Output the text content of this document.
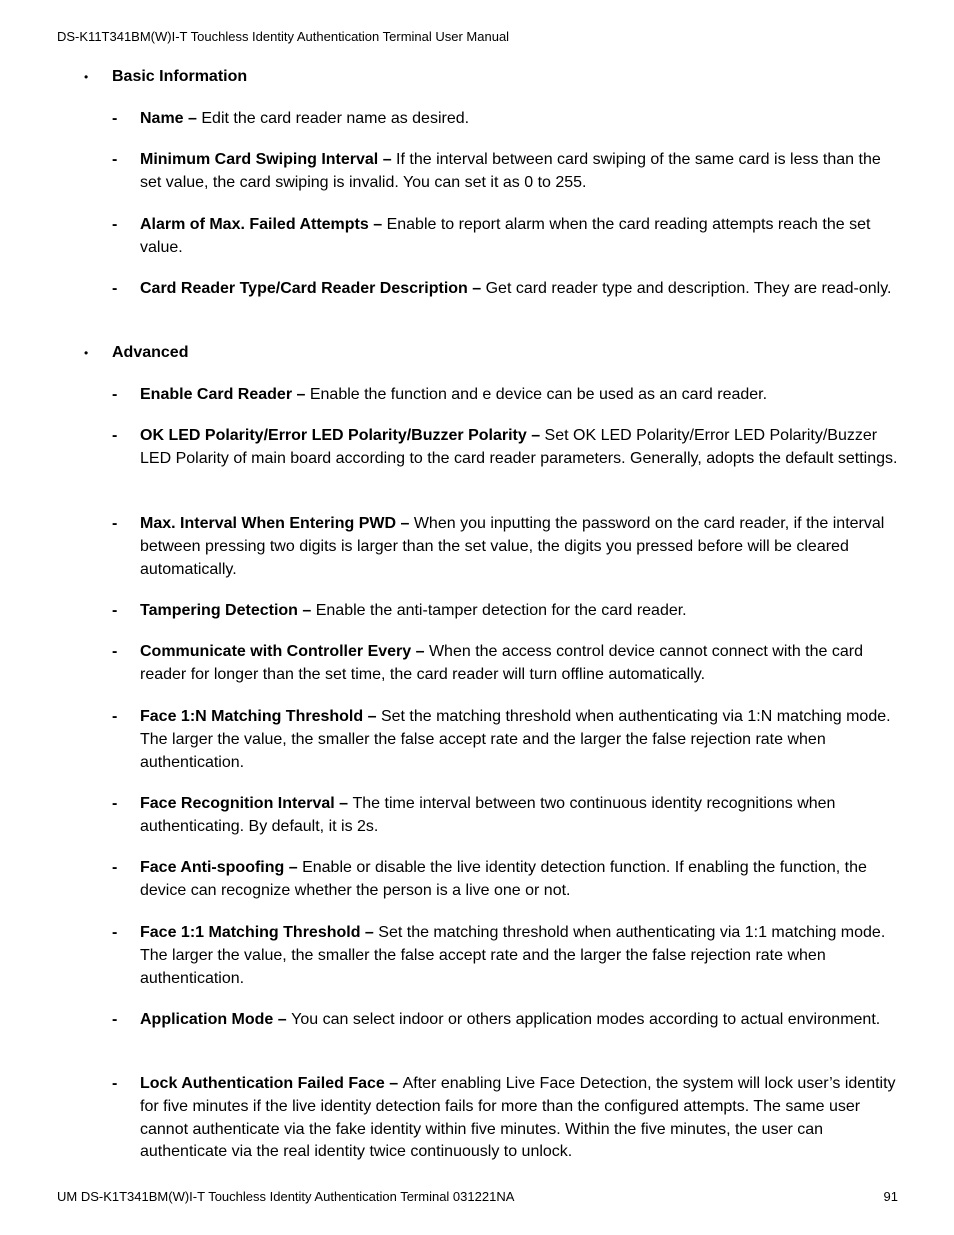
DS-K11T341BM(W)I-T Touchless Identity Authentication Terminal User Manual
• Basic Information
- Name – Edit the card reader name as desired.
- Minimum Card Swiping Interval – If the interval between card swiping of the same card is less than the set value, the card swiping is invalid. You can set it as 0 to 255.
- Alarm of Max. Failed Attempts – Enable to report alarm when the card reading attempts reach the set value.
- Card Reader Type/Card Reader Description – Get card reader type and description. They are read-only.
• Advanced
- Enable Card Reader – Enable the function and e device can be used as an card reader.
- OK LED Polarity/Error LED Polarity/Buzzer Polarity – Set OK LED Polarity/Error LED Polarity/Buzzer LED Polarity of main board according to the card reader parameters. Generally, adopts the default settings.
- Max. Interval When Entering PWD – When you inputting the password on the card reader, if the interval between pressing two digits is larger than the set value, the digits you pressed before will be cleared automatically.
- Tampering Detection – Enable the anti-tamper detection for the card reader.
- Communicate with Controller Every – When the access control device cannot connect with the card reader for longer than the set time, the card reader will turn offline automatically.
- Face 1:N Matching Threshold – Set the matching threshold when authenticating via 1:N matching mode. The larger the value, the smaller the false accept rate and the larger the false rejection rate when authentication.
- Face Recognition Interval – The time interval between two continuous identity recognitions when authenticating. By default, it is 2s.
- Face Anti-spoofing – Enable or disable the live identity detection function. If enabling the function, the device can recognize whether the person is a live one or not.
- Face 1:1 Matching Threshold – Set the matching threshold when authenticating via 1:1 matching mode. The larger the value, the smaller the false accept rate and the larger the false rejection rate when authentication.
- Application Mode – You can select indoor or others application modes according to actual environment.
- Lock Authentication Failed Face – After enabling Live Face Detection, the system will lock user’s identity for five minutes if the live identity detection fails for more than the configured attempts. The same user cannot authenticate via the fake identity within five minutes. Within the five minutes, the user can authenticate via the real identity twice continuously to unlock.
UM DS-K1T341BM(W)I-T Touchless Identity Authentication Terminal 031221NA	91
